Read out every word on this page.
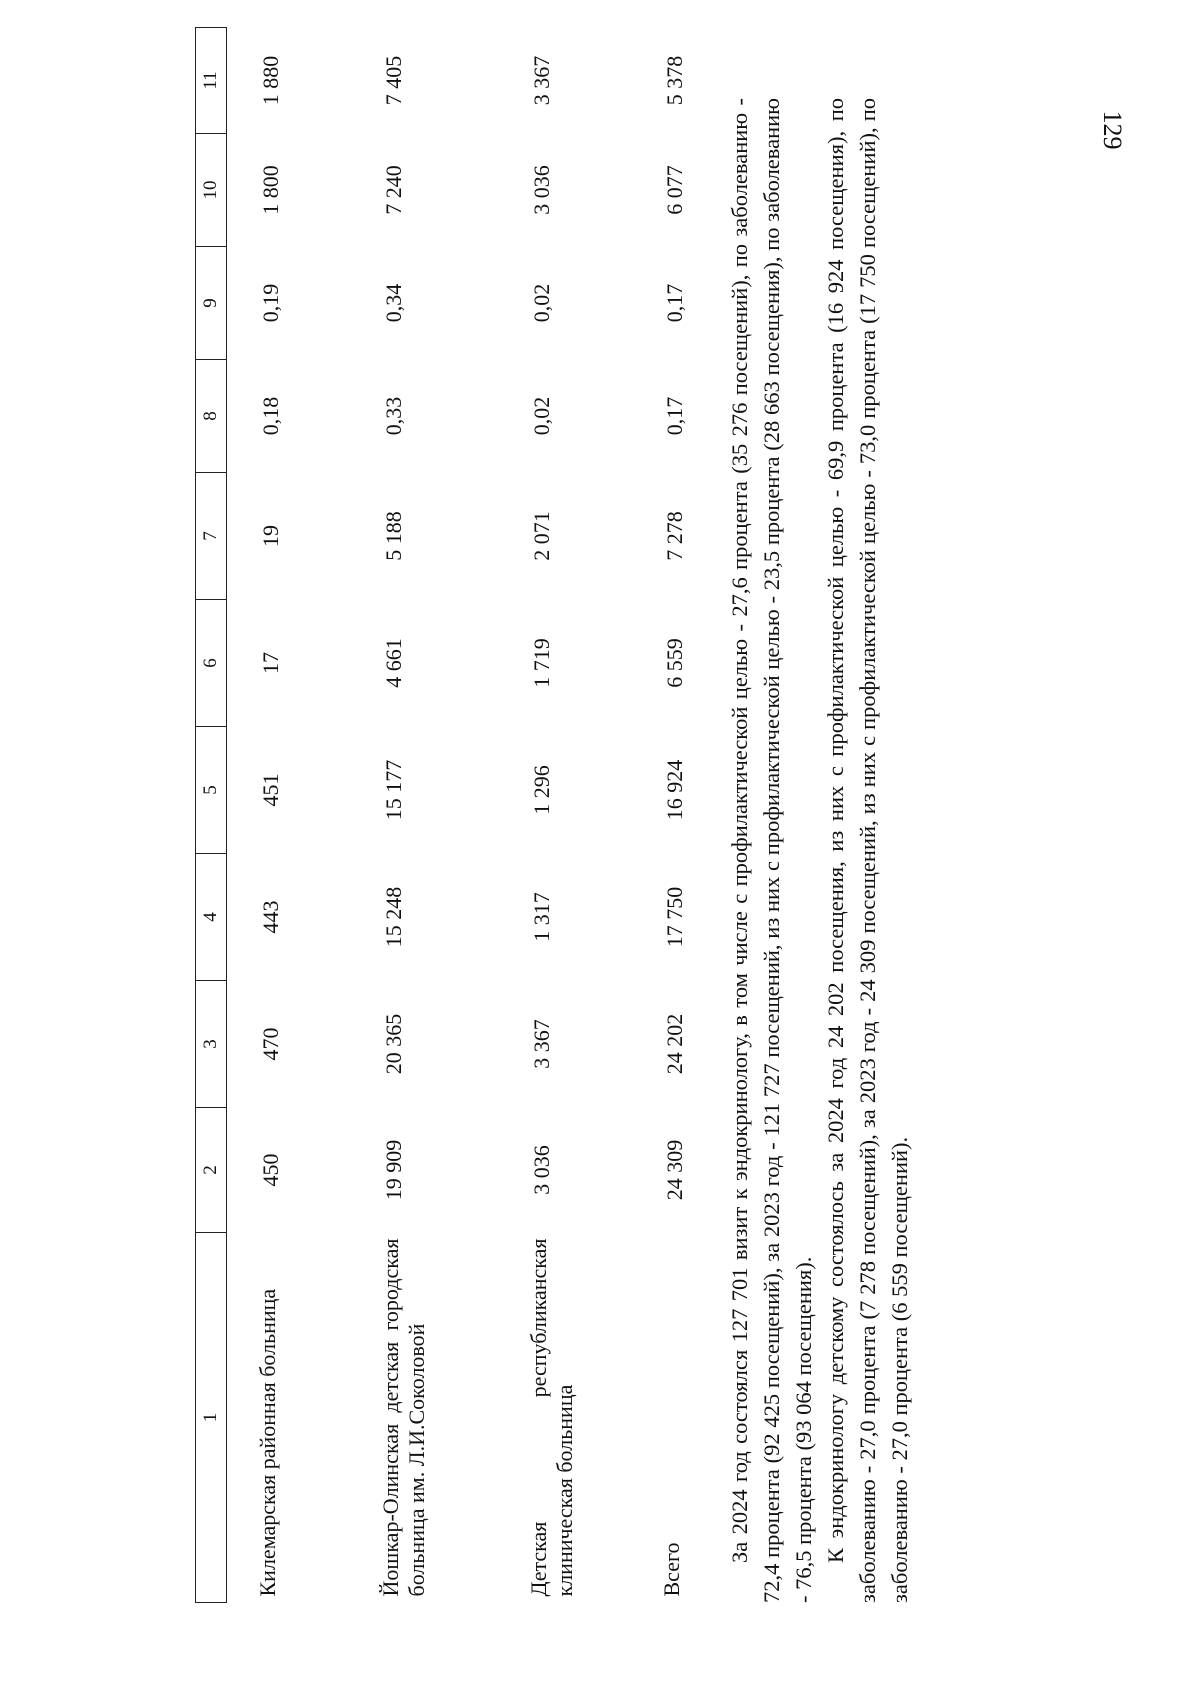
129
1	2	3	4	5	6	7	8	9	10	11
Килемарская районная больница	450	470	443	451	17	19	0,18	0,19	1 800	1 880
Йошкар-Олинская детская городская больница им. Л.И.Соколовой	19 909	20 365	15 248	15 177	4 661	5 188	0,33	0,34	7 240	7 405
Детская республиканская клиническая больница	3 036	3 367	1 317	1 296	1 719	2 071	0,02	0,02	3 036	3 367
Всего	24 309	24 202	17 750	16 924	6 559	7 278	0,17	0,17	6 077	5 378

За 2024 год состоялся 127 701 визит к эндокринологу, в том числе с профилактической целью - 27,6 процента (35 276 посещений), по заболеванию - 72,4 процента (92 425 посещений), за 2023 год - 121 727 посещений, из них с профилактической целью - 23,5 процента (28 663 посещения), по заболеванию - 76,5 процента (93 064 посещения). К эндокринологу детскому состоялось за 2024 год 24 202 посещения, из них с профилактической целью - 69,9 процента (16 924 посещения), по заболеванию - 27,0 процента (7 278 посещений), за 2023 год - 24 309 посещений, из них с профилактической целью - 73,0 процента (17 750 посещений), по заболеванию - 27,0 процента (6 559 посещений).
